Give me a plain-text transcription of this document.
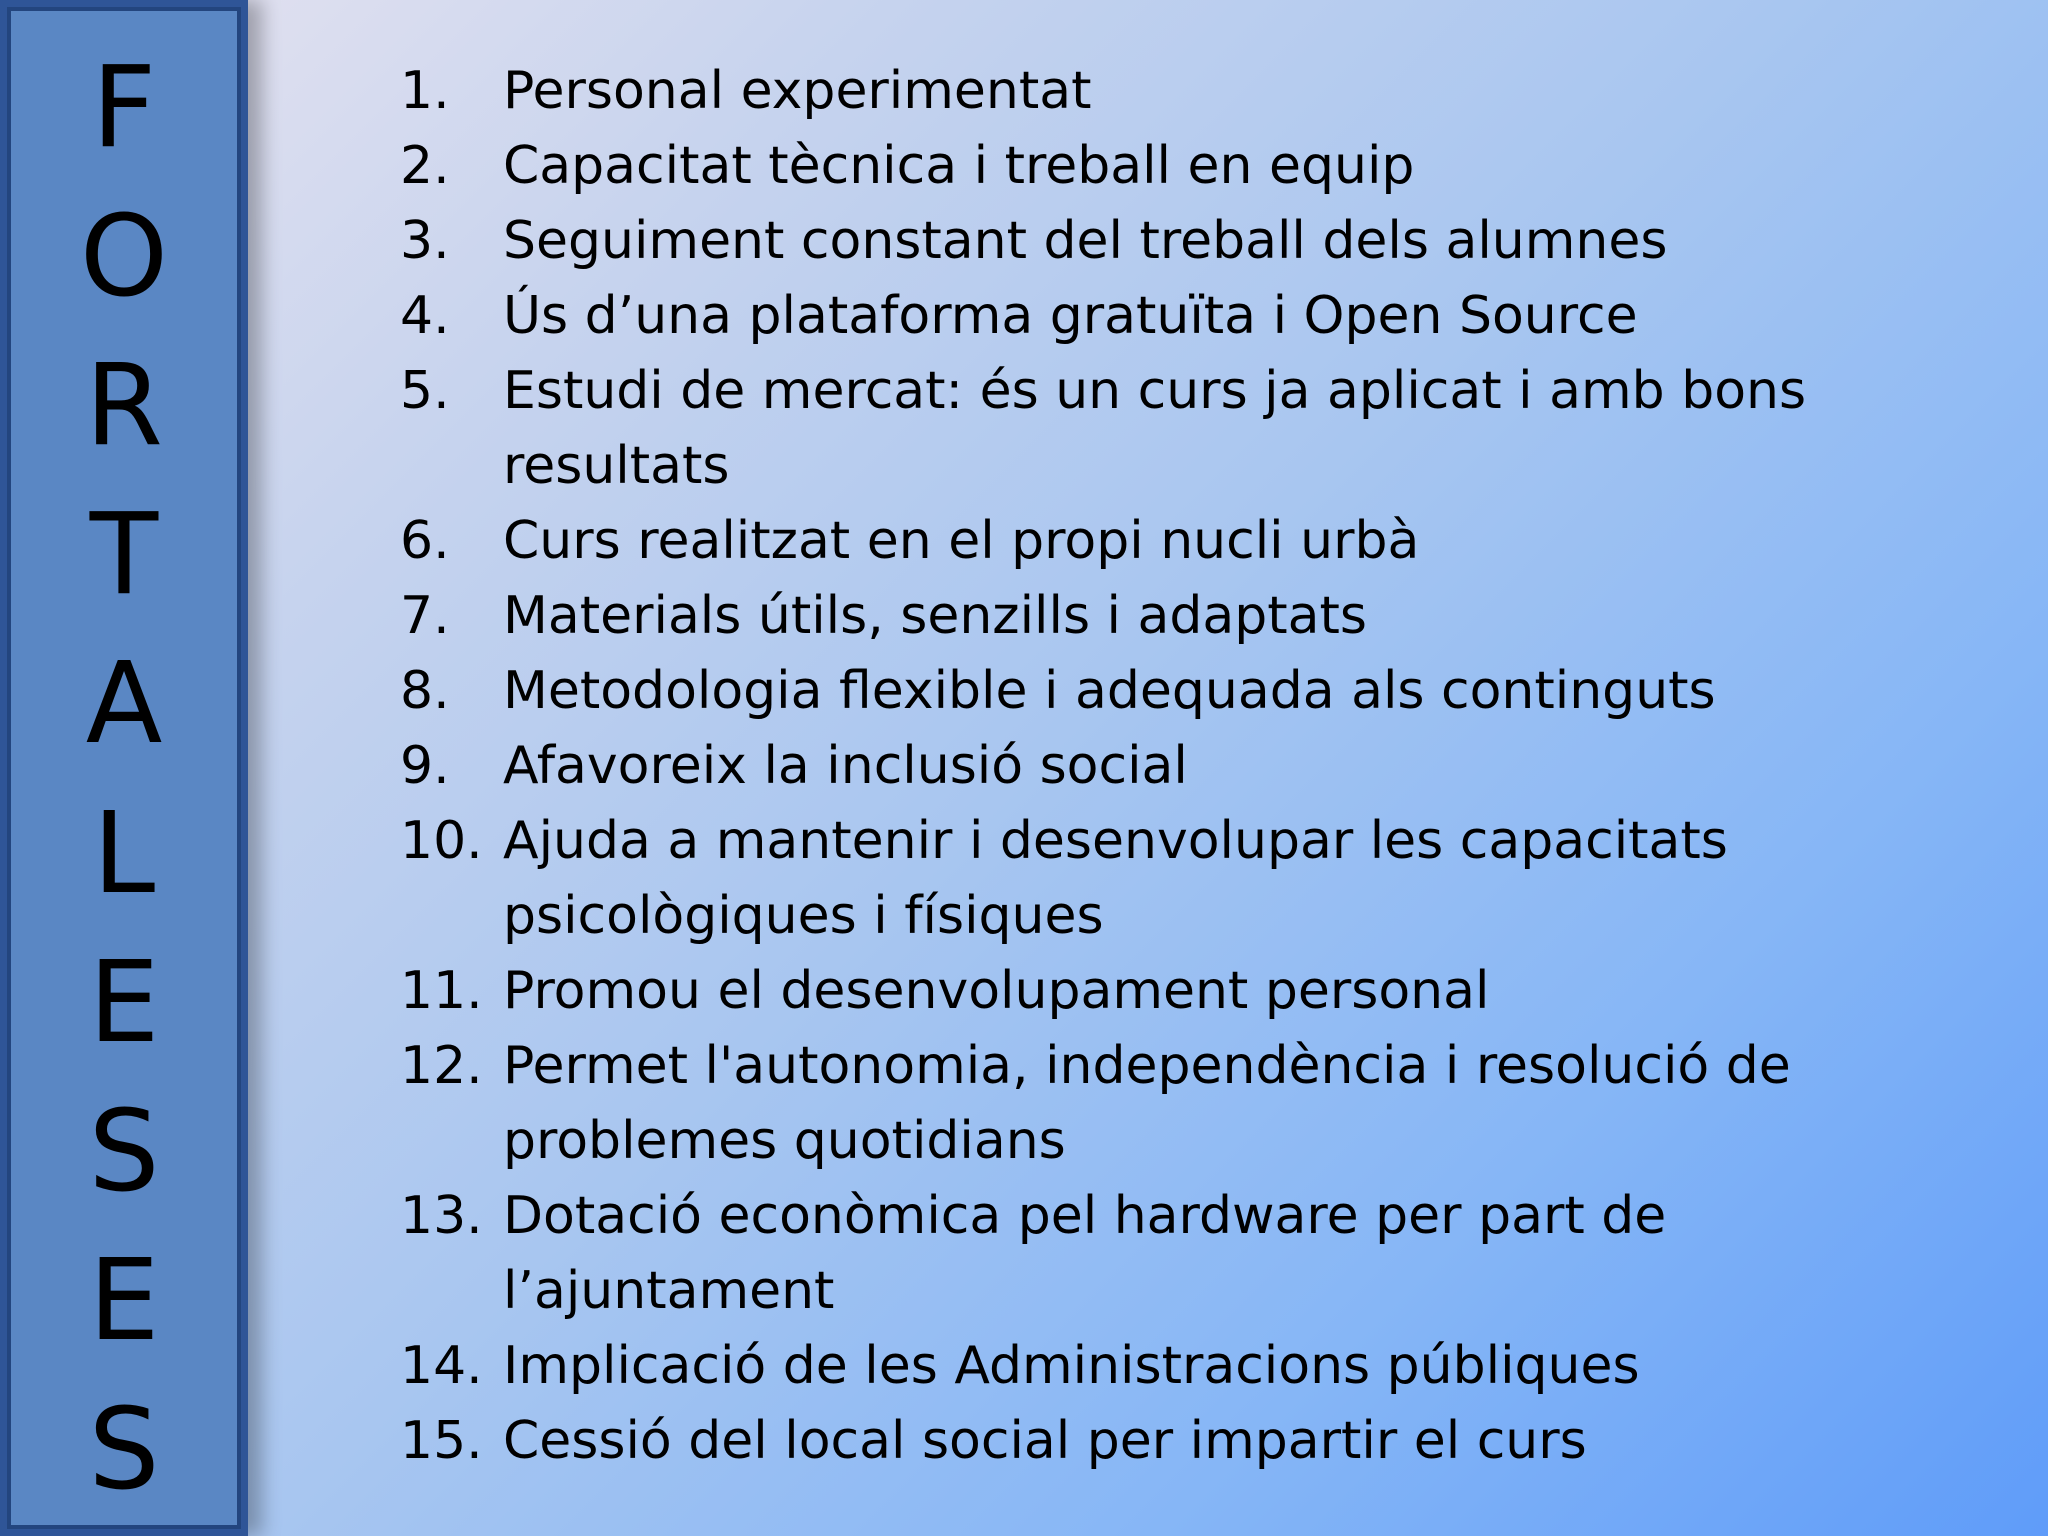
F
O
R
T
A
L
E
S
E
S
1.	Personal experimentat
2.	Capacitat tècnica i treball en equip
3.	Seguiment constant del treball dels alumnes
4.	Ús d’una plataforma gratuïta i Open Source
5.	Estudi de mercat: és un curs ja aplicat i amb bons resultats
6.	Curs realitzat en el propi nucli urbà
7.	Materials útils, senzills i adaptats
8.	Metodologia flexible i adequada als continguts
9.	Afavoreix la inclusió social
10. Ajuda a mantenir i desenvolupar les capacitats psicològiques i físiques
11. Promou el desenvolupament personal
12. Permet l'autonomia, independència i resolució de problemes quotidians
13. Dotació econòmica pel hardware per part de l’ajuntament
14. Implicació de les Administracions públiques
15. Cessió del local social per impartir el curs
